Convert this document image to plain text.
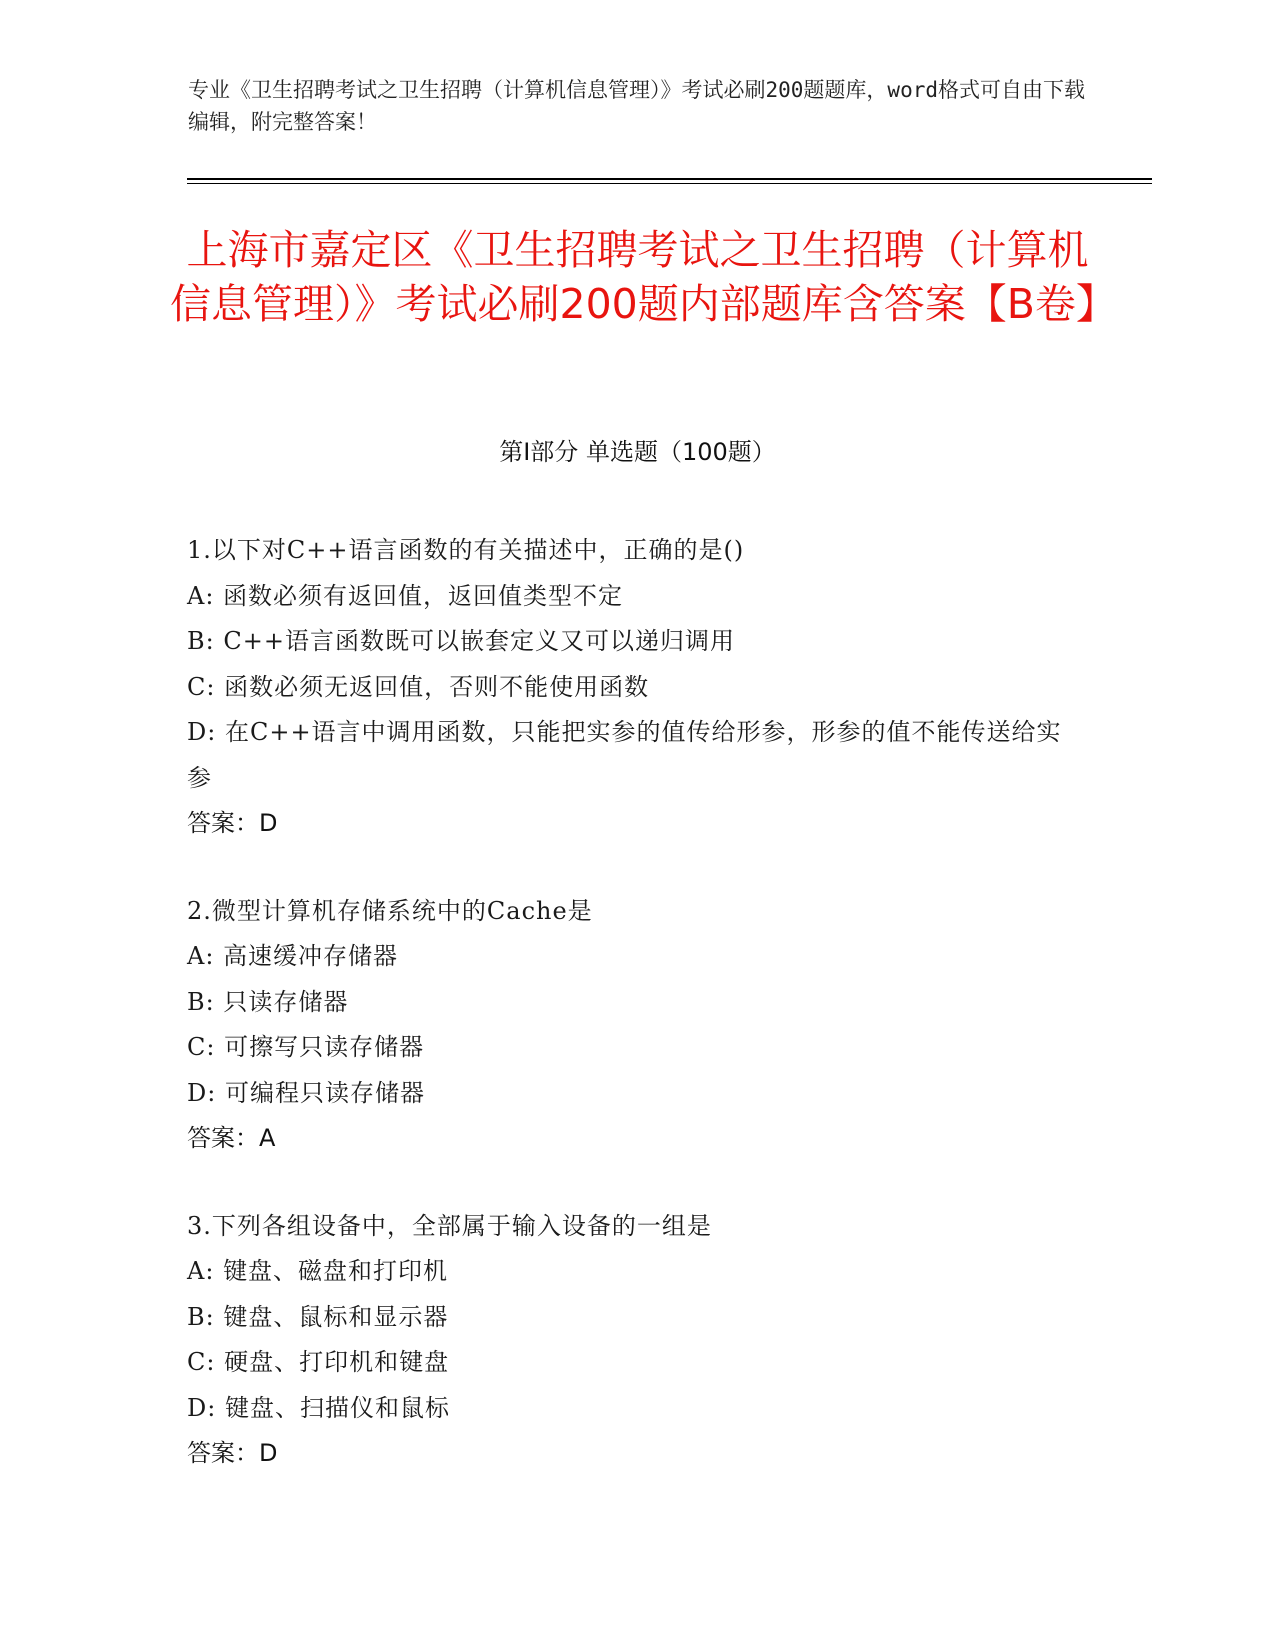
专业《卫生招聘考试之卫生招聘（计算机信息管理）》考试必刷200题题库，word格式可自由下载编辑，附完整答案！
上海市嘉定区《卫生招聘考试之卫生招聘（计算机信息管理）》考试必刷200题内部题库含答案【B卷】
第Ⅰ部分 单选题（100题）
1.以下对C++语言函数的有关描述中，正确的是()
A: 函数必须有返回值，返回值类型不定
B: C++语言函数既可以嵌套定义又可以递归调用
C: 函数必须无返回值，否则不能使用函数
D: 在C++语言中调用函数，只能把实参的值传给形参，形参的值不能传送给实参
答案：D
2.微型计算机存储系统中的Cache是
A: 高速缓冲存储器
B: 只读存储器
C: 可擦写只读存储器
D: 可编程只读存储器
答案：A
3.下列各组设备中，全部属于输入设备的一组是
A: 键盘、磁盘和打印机
B: 键盘、鼠标和显示器
C: 硬盘、打印机和键盘
D: 键盘、扫描仪和鼠标
答案：D
